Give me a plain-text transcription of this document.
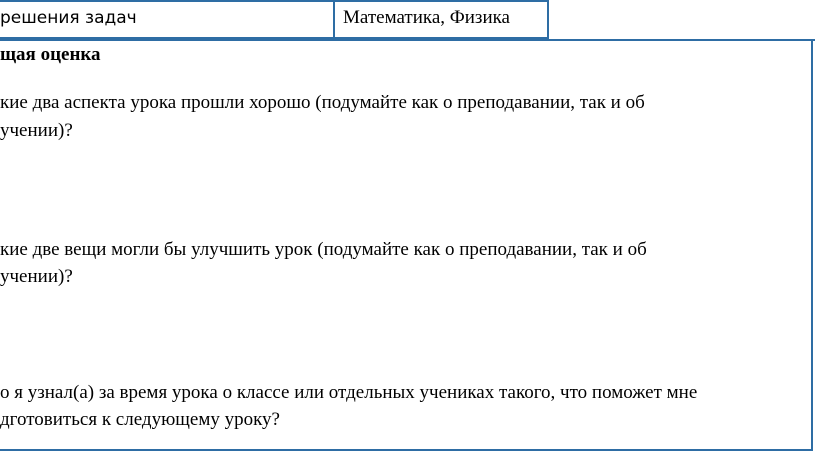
решения задач	Математика, Физика
щая оценка
кие два аспекта урока прошли хорошо (подумайте как о преподавании, так и об
учении)?
кие две вещи могли бы улучшить урок (подумайте как о преподавании, так и об
учении)?
о я узнал(а) за время урока о классе или отдельных учениках такого, что поможет мне
дготовиться к следующему уроку?
